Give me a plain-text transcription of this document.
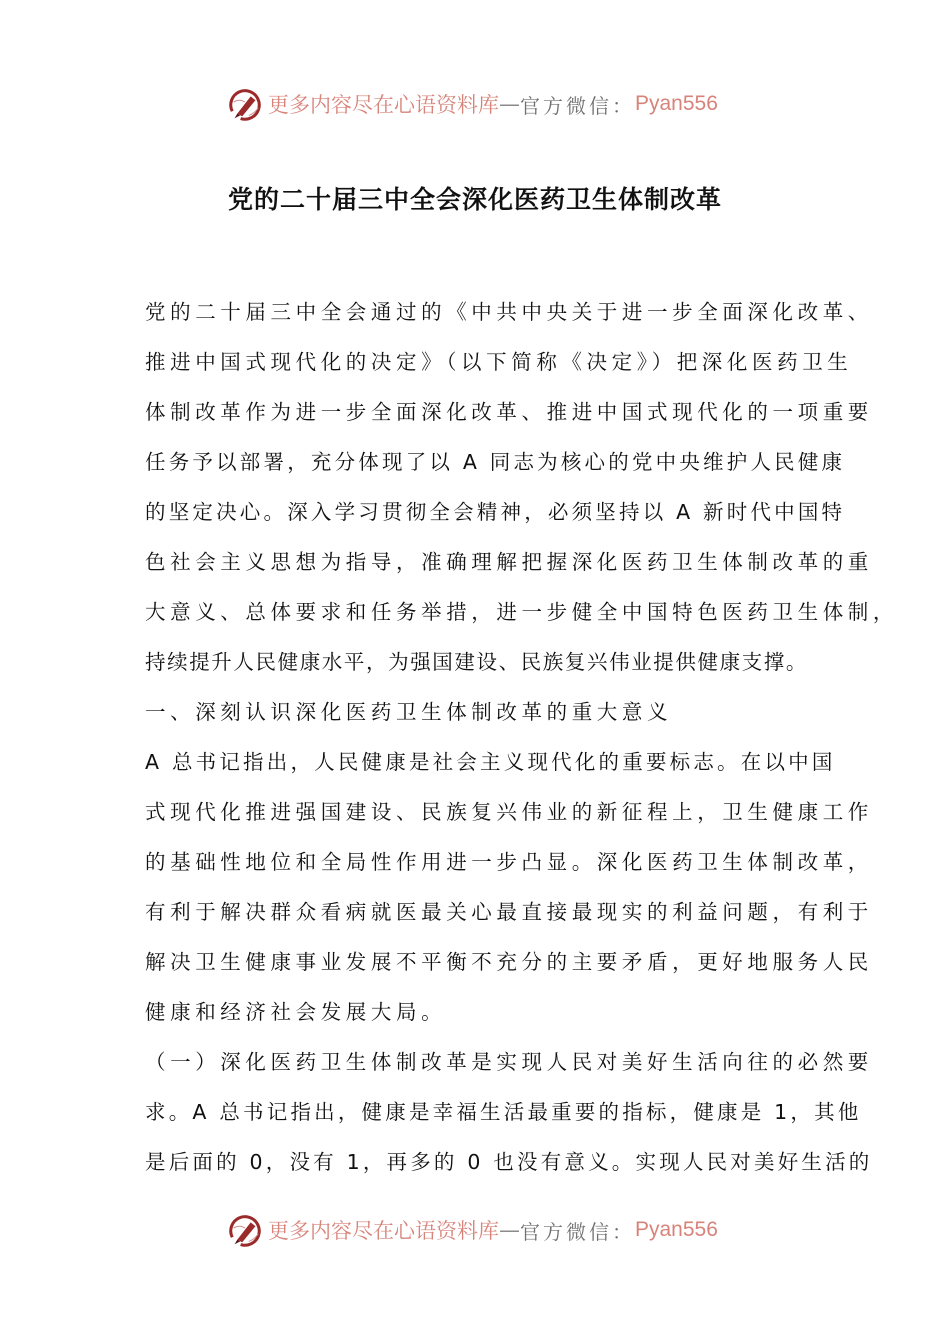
更多内容尽在心语资料库 — 官方微信： Pyan556
党的二十届三中全会深化医药卫生体制改革
党的二十届三中全会通过的《中共中央关于进一步全面深化改革、
推进中国式现代化的决定》（以下简称《决定》）把深化医药卫生
体制改革作为进一步全面深化改革、推进中国式现代化的一项重要
任务予以部署，充分体现了以 A 同志为核心的党中央维护人民健康
的坚定决心。深入学习贯彻全会精神，必须坚持以 A 新时代中国特
色社会主义思想为指导，准确理解把握深化医药卫生体制改革的重
大意义、总体要求和任务举措，进一步健全中国特色医药卫生体制，
持续提升人民健康水平，为强国建设、民族复兴伟业提供健康支撑。
一、深刻认识深化医药卫生体制改革的重大意义
A 总书记指出，人民健康是社会主义现代化的重要标志。在以中国
式现代化推进强国建设、民族复兴伟业的新征程上，卫生健康工作
的基础性地位和全局性作用进一步凸显。深化医药卫生体制改革，
有利于解决群众看病就医最关心最直接最现实的利益问题，有利于
解决卫生健康事业发展不平衡不充分的主要矛盾，更好地服务人民
健康和经济社会发展大局。
（一）深化医药卫生体制改革是实现人民对美好生活向往的必然要
求。A 总书记指出，健康是幸福生活最重要的指标，健康是 1，其他
是后面的 0，没有 1，再多的 0 也没有意义。实现人民对美好生活的
更多内容尽在心语资料库 — 官方微信： Pyan556
